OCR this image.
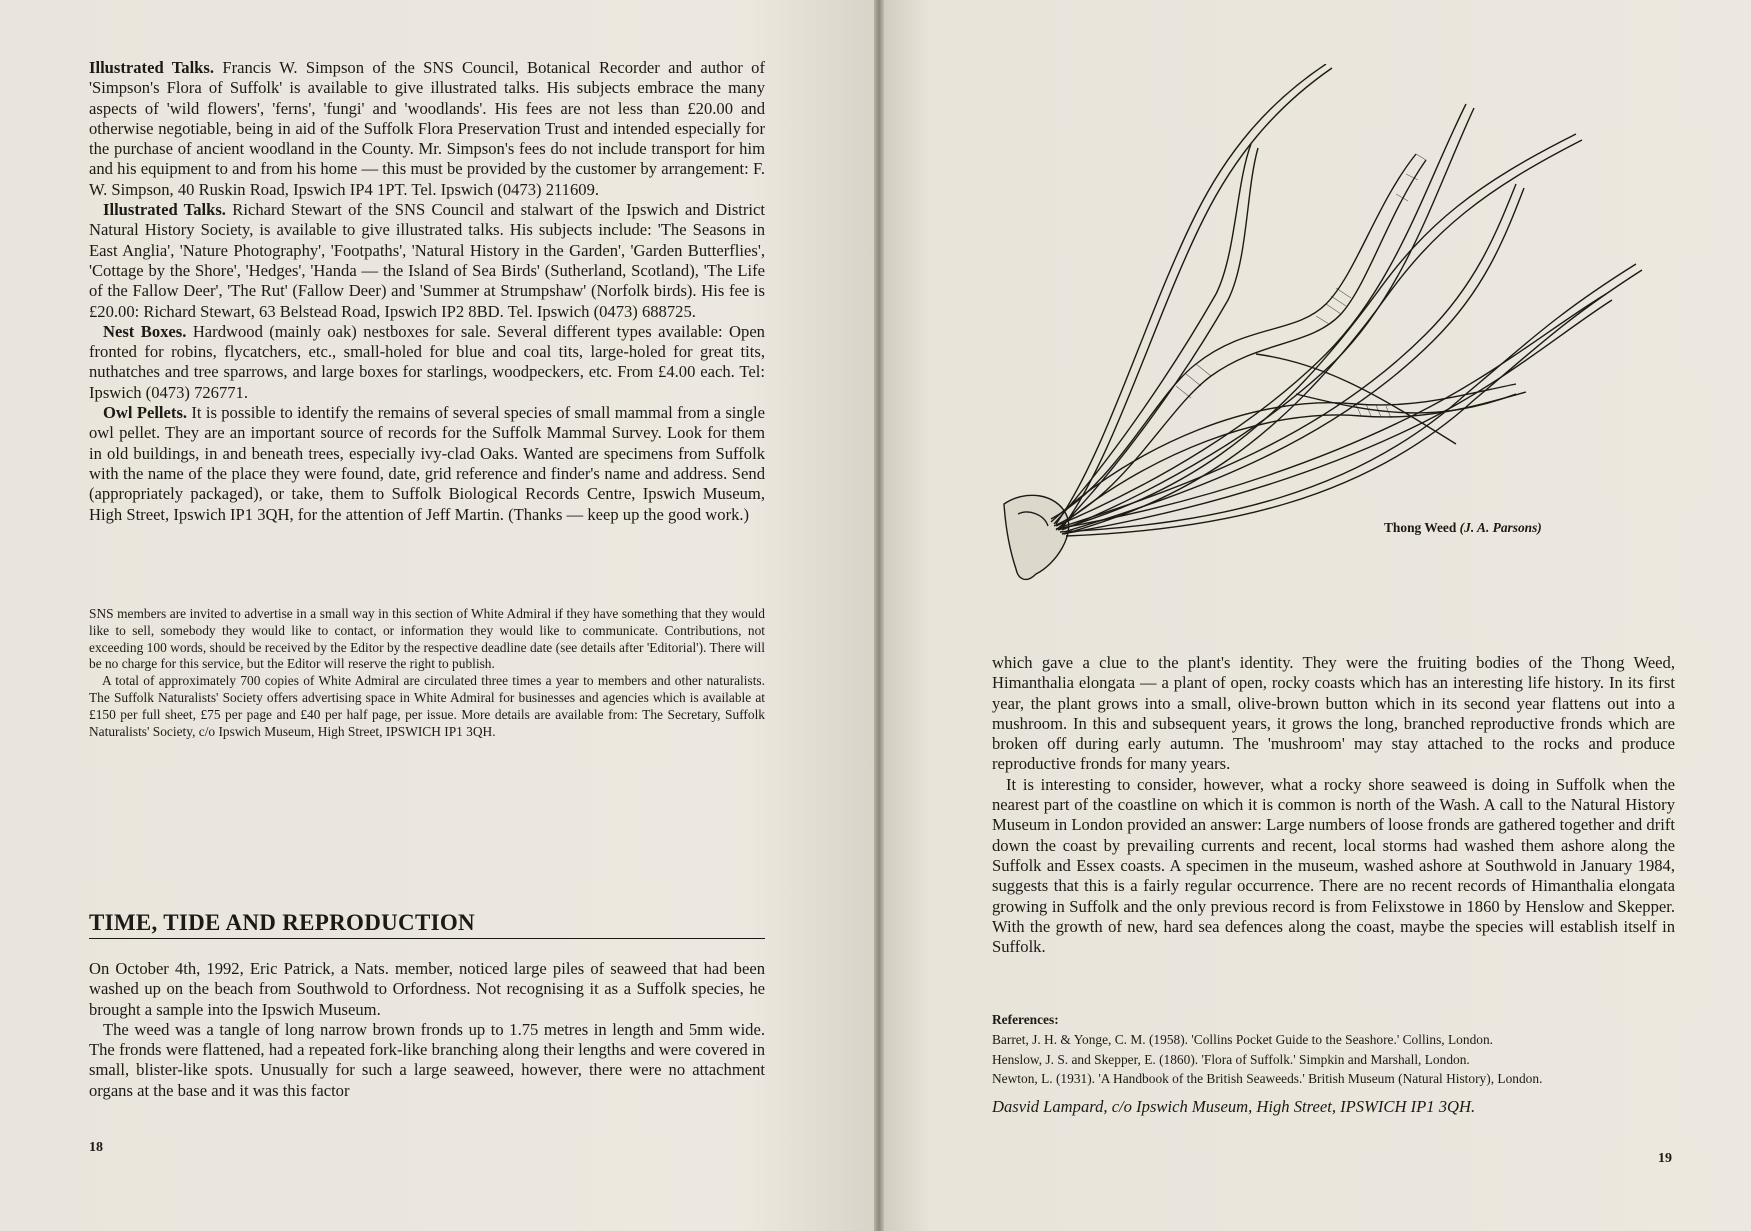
Illustrated Talks. Francis W. Simpson of the SNS Council, Botanical Recorder and author of 'Simpson's Flora of Suffolk' is available to give illustrated talks. His subjects embrace the many aspects of 'wild flowers', 'ferns', 'fungi' and 'woodlands'. His fees are not less than £20.00 and otherwise negotiable, being in aid of the Suffolk Flora Preservation Trust and intended especially for the purchase of ancient woodland in the County. Mr. Simpson's fees do not include transport for him and his equipment to and from his home — this must be provided by the customer by arrangement: F. W. Simpson, 40 Ruskin Road, Ipswich IP4 1PT. Tel. Ipswich (0473) 211609.

Illustrated Talks. Richard Stewart of the SNS Council and stalwart of the Ipswich and District Natural History Society, is available to give illustrated talks. His subjects include: 'The Seasons in East Anglia', 'Nature Photography', 'Footpaths', 'Natural History in the Garden', 'Garden Butterflies', 'Cottage by the Shore', 'Hedges', 'Handa — the Island of Sea Birds' (Sutherland, Scotland), 'The Life of the Fallow Deer', 'The Rut' (Fallow Deer) and 'Summer at Strumpshaw' (Norfolk birds). His fee is £20.00: Richard Stewart, 63 Belstead Road, Ipswich IP2 8BD. Tel. Ipswich (0473) 688725.

Nest Boxes. Hardwood (mainly oak) nestboxes for sale. Several different types available: Open fronted for robins, flycatchers, etc., small-holed for blue and coal tits, large-holed for great tits, nuthatches and tree sparrows, and large boxes for starlings, woodpeckers, etc. From £4.00 each. Tel: Ipswich (0473) 726771.

Owl Pellets. It is possible to identify the remains of several species of small mammal from a single owl pellet. They are an important source of records for the Suffolk Mammal Survey. Look for them in old buildings, in and beneath trees, especially ivy-clad Oaks. Wanted are specimens from Suffolk with the name of the place they were found, date, grid reference and finder's name and address. Send (appropriately packaged), or take, them to Suffolk Biological Records Centre, Ipswich Museum, High Street, Ipswich IP1 3QH, for the attention of Jeff Martin. (Thanks — keep up the good work.)

SNS members are invited to advertise in a small way in this section of White Admiral if they have something that they would like to sell, somebody they would like to contact, or information they would like to communicate. Contributions, not exceeding 100 words, should be received by the Editor by the respective deadline date (see details after 'Editorial'). There will be no charge for this service, but the Editor will reserve the right to publish.

A total of approximately 700 copies of White Admiral are circulated three times a year to members and other naturalists. The Suffolk Naturalists' Society offers advertising space in White Admiral for businesses and agencies which is available at £150 per full sheet, £75 per page and £40 per half page, per issue. More details are available from: The Secretary, Suffolk Naturalists' Society, c/o Ipswich Museum, High Street, IPSWICH IP1 3QH.

TIME, TIDE AND REPRODUCTION

On October 4th, 1992, Eric Patrick, a Nats. member, noticed large piles of seaweed that had been washed up on the beach from Southwold to Orfordness. Not recognising it as a Suffolk species, he brought a sample into the Ipswich Museum.

The weed was a tangle of long narrow brown fronds up to 1.75 metres in length and 5mm wide. The fronds were flattened, had a repeated fork-like branching along their lengths and were covered in small, blister-like spots. Unusually for such a large seaweed, however, there were no attachment organs at the base and it was this factor

18
Thong Weed (J. A. Parsons)

which gave a clue to the plant's identity. They were the fruiting bodies of the Thong Weed, Himanthalia elongata — a plant of open, rocky coasts which has an interesting life history. In its first year, the plant grows into a small, olive-brown button which in its second year flattens out into a mushroom. In this and subsequent years, it grows the long, branched reproductive fronds which are broken off during early autumn. The 'mushroom' may stay attached to the rocks and produce reproductive fronds for many years.

It is interesting to consider, however, what a rocky shore seaweed is doing in Suffolk when the nearest part of the coastline on which it is common is north of the Wash. A call to the Natural History Museum in London provided an answer: Large numbers of loose fronds are gathered together and drift down the coast by prevailing currents and recent, local storms had washed them ashore along the Suffolk and Essex coasts. A specimen in the museum, washed ashore at Southwold in January 1984, suggests that this is a fairly regular occurrence. There are no recent records of Himanthalia elongata growing in Suffolk and the only previous record is from Felixstowe in 1860 by Henslow and Skepper. With the growth of new, hard sea defences along the coast, maybe the species will establish itself in Suffolk.

References:
Barret, J. H. & Yonge, C. M. (1958). 'Collins Pocket Guide to the Seashore.' Collins, London.
Henslow, J. S. and Skepper, E. (1860). 'Flora of Suffolk.' Simpkin and Marshall, London.
Newton, L. (1931). 'A Handbook of the British Seaweeds.' British Museum (Natural History), London.
Dasvid Lampard, c/o Ipswich Museum, High Street, IPSWICH IP1 3QH.
19
